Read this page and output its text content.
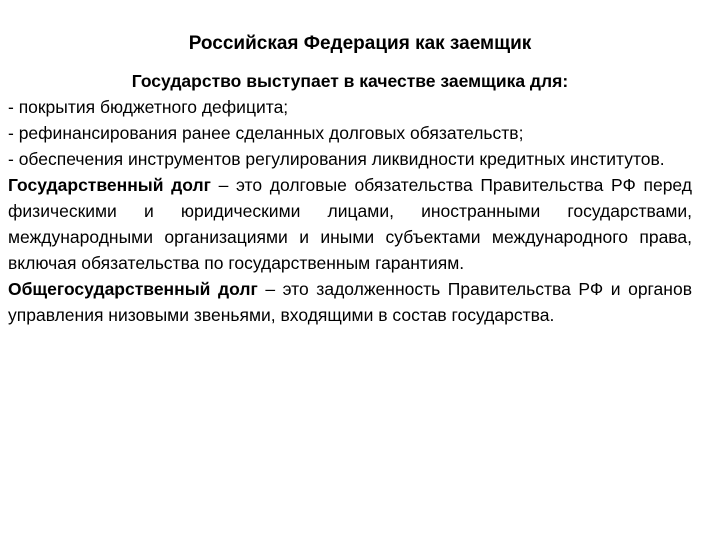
Российская Федерация как заемщик

Государство выступает в качестве заемщика для:

- покрытия бюджетного дефицита;

- рефинансирования ранее сделанных долговых обязательств;

- обеспечения инструментов регулирования ликвидности кредитных институтов.

Государственный долг – это долговые обязательства Правительства РФ перед физическими и юридическими лицами, иностранными государствами, международными организациями и иными субъектами международного права, включая обязательства по государственным гарантиям.

Общегосударственный долг – это задолженность Правительства РФ и органов управления низовыми звеньями, входящими в состав государства.
